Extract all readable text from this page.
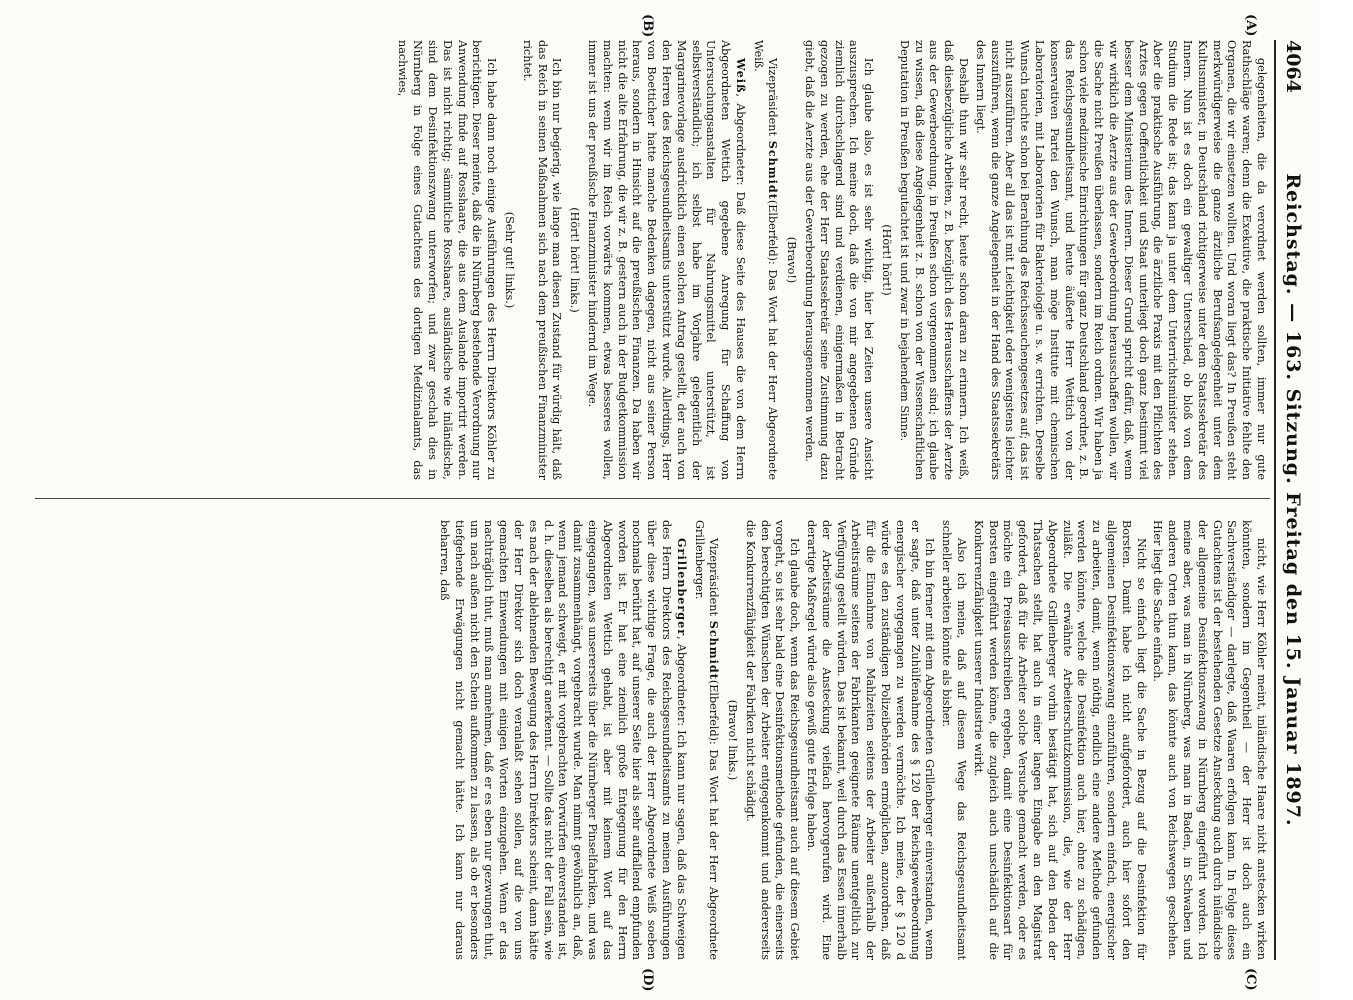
4064
Reichstag. — 163. Sitzung. Freitag den 15. Januar 1897.
(A)
(B)
(C)
(D)

gelegenheiten, die da verordnet werden sollten, immer nur gute Rathschläge waren; denn die Exekutive, die praktische Initiative fehlte den Organen, die wir einsetzen wollten. Und woran liegt das? In Preußen steht merkwürdigerweise die ganze ärztliche Berufsangelegenheit unter dem Kultusminister, in Deutschland richtigerweise unter dem Staatssekretär des Innern. Nun ist es doch ein gewaltiger Unterschied, ob bloß von dem Studium die Rede ist; das kann ja unter dem Unterrichtsminister stehen. Aber die praktische Ausführung, die ärztliche Praxis mit den Pflichten des Arztes gegen Oeffentlichkeit und Staat unterliegt doch ganz bestimmt viel besser dem Ministerium des Innern. Dieser Grund spricht dafür, daß, wenn wir wirklich die Aerzte aus der Gewerbeordnung herausschaffen wollen, wir die Sache nicht Preußen überlassen, sondern im Reich ordnen. Wir haben ja schon viele medizinische Einrichtungen für ganz Deutschland geordnet, z. B. das Reichsgesundheitsamt, und heute äußerte Herr Wettich von der konservativen Partei den Wunsch, man möge Institute mit chemischen Laboratorien, mit Laboratorien für Bakteriologie u. s. w. errichten. Derselbe Wunsch tauchte schon bei Berathung des Reichsseuchengesetzes auf; das ist nicht auszuführen. Aber all das ist mit Leichtigkeit oder wenigstens leichter auszuführen, wenn die ganze Angelegenheit in der Hand des Staatssekretärs des Innern liegt.

Deshalb thun wir sehr recht, heute schon daran zu erinnern. Ich weiß, daß diesbezügliche Arbeiten, z. B. bezüglich des Herausschaffens der Aerzte aus der Gewerbeordnung, in Preußen schon vorgenommen sind; ich glaube zu wissen, daß diese Angelegenheit z. B. schon von der Wissenschaftlichen Deputation in Preußen begutachtet ist und zwar in bejahendem Sinne.

(Hört! hört!)

Ich glaube also, es ist sehr wichtig, hier bei Zeiten unsere Ansicht auszusprechen. Ich meine doch, daß die von mir angegebenen Gründe ziemlich durchschlagend sind und verdienen, einigermaßen in Betracht gezogen zu werden, ehe der Herr Staatssekretär seine Zustimmung dazu giebt, daß die Aerzte aus der Gewerbeordnung herausgenommen werden.

(Bravo!)

Vizepräsident Schmidt(Elberfeld): Das Wort hat der Herr Abgeordnete Weiß.

Weiß, Abgeordneter: Daß diese Seite des Hauses die von dem Herrn Abgeordneten Wettich gegebene Anregung für Schaffung von Untersuchungsanstalten für Nahrungsmittel unterstützt, ist selbstverständlich; ich selbst habe im Vorjahre gelegentlich der Margarinevorlage ausdrücklich einen solchen Antrag gestellt, der auch von den Herren des Reichsgesundheitsamts unterstützt wurde. Allerdings, Herr von Boetticher hatte manche Bedenken dagegen, nicht aus seiner Person heraus, sondern in Hinsicht auf die preußischen Finanzen. Da haben wir nicht die alte Erfahrung, die wir z. B. gestern auch in der Budgetkommission machten: wenn wir im Reich vorwärts kommen, etwas besseres wollen, immer ist uns der preußische Finanzminister hindernd im Wege.

(Hört! hört! links.)

Ich bin nur begierig, wie lange man diesen Zustand für würdig hält, daß das Reich in seinen Maßnahmen sich nach dem preußischen Finanzminister richtet.

(Sehr gut! links.)

Ich habe dann noch einige Ausführungen des Herrn Direktors Köhler zu berichtigen. Dieser meinte, daß die in Nürnberg bestehende Verordnung nur Anwendung finde auf Rosshaare, die aus dem Auslande importirt werden. Das ist nicht richtig; sämmtliche Rosshaare, ausländische wie inländische, sind dem Desinfektionszwang unterworfen; und zwar geschah dies in Nürnberg in Folge eines Gutachtens des dortigen Medizinalamts, das nachwies,

nicht, wie Herr Köhler meint, inländische Haare nicht anstecken wirken könnten, sondern im Gegentheil — der Herr ist doch auch ein Sachverständiger — darlegte, daß Waaren erfolgen kann. In Folge dieses Gutachtens ist der bestehenden Gesetze Ansteckung auch durch inländische der allgemeine Desinfektionszwang in Nürnberg eingeführt worden. Ich meine aber, was man in Nürnberg, was man in Baden, in Schwaben und anderen Orten thun kann, das könnte auch von Reichswegen geschehen. Hier liegt die Sache einfach.

Nicht so einfach liegt die Sache in Bezug auf die Desinfektion für Borsten. Damit habe ich nicht aufgefordert, auch hier sofort den allgemeinen Desinfektionszwang einzuführen, sondern einfach, energischer zu arbeiten, damit, wenn nöthig, endlich eine andere Methode gefunden werden könnte, welche die Desinfektion auch hier, ohne zu schädigen, zuläßt. Die erwähnte Arbeiterschutzkommission, die, wie der Herr Abgeordnete Grillenberger vorhin bestätigt hat, sich auf den Boden der Thatsachen stellt, hat auch in einer langen Eingabe an den Magistrat gefordert, daß für die Arbeiter solche Versuche gemacht werden, oder es möchte ein Preisausschreiben ergehen, damit eine Desinfektionsart für Borsten eingeführt werden könne, die zugleich auch unschädlich auf die Konkurrenzfähigkeit unserer Industrie wirkt.

Also ich meine, daß auf diesem Wege das Reichsgesundheitsamt schneller arbeiten könnte als bisher.

Ich bin ferner mit dem Abgeordneten Grillenberger einverstanden, wenn er sagte, daß unter Zuhülfenahme des § 120 der Reichsgewerbeordnung energischer vorgegangen zu werden vermöchte. Ich meine, der § 120 d würde es den zuständigen Polizeibehörden ermöglichen, anzuordnen, daß für die Einnahme von Mahlzeiten seitens der Arbeiter außerhalb der Arbeitsräume seitens der Fabrikanten geeignete Räume unentgeltlich zur Verfügung gestellt würden. Das ist bekannt, weil durch das Essen innerhalb der Arbeitsräume die Ansteckung vielfach hervorgerufen wird. Eine derartige Maßregel würde also gewiß gute Erfolge haben.

Ich glaube doch, wenn das Reichsgesundheitsamt auch auf diesem Gebiet vorgeht, so ist sehr bald eine Desinfektionsmethode gefunden, die einerseits den berechtigten Wünschen der Arbeiter entgegenkommt und andererseits die Konkurrenzfähigkeit der Fabriken nicht schädigt.

(Bravo! links.)

Vizepräsident Schmidt(Elberfeld): Das Wort hat der Herr Abgeordnete Grillenberger.

Grillenberger, Abgeordneter: Ich kann nur sagen, daß das Schweigen des Herrn Direktors des Reichsgesundheitsamts zu meinen Ausführungen über diese wichtige Frage, die auch der Herr Abgeordnete Weiß soeben nochmals berührt hat, auf unserer Seite hier als sehr auffallend empfunden worden ist. Er hat eine ziemlich große Entgegnung für den Herrn Abgeordneten Wettich gehabt, ist aber mit keinem Wort auf das eingegangen, was unsererseits über die Nürnberger Pinselfabriken, und was damit zusammenhängt, vorgebracht wurde. Man nimmt gewöhnlich an, daß, wenn jemand schweigt, er mit vorgebrachten Vorwürfen einverstanden ist, d. h. dieselben als berechtigt anerkennt. — Sollte das nicht der Fall sein, wie es nach der ablehnenden Bewegung des Herrn Direktors scheint, dann hätte der Herr Direktor sich doch veranlaßt sehen sollen, auf die von uns gemachten Einwendungen mit einigen Worten einzugehen. Wenn er das nachträglich thut, muß man annehmen, daß er es eben nur gezwungen thut, um nach außen nicht den Schein aufkommen zu lassen, als ob er besonders tiefgehende Erwägungen nicht gemacht hätte. Ich kann nur daraus beharren, daß
